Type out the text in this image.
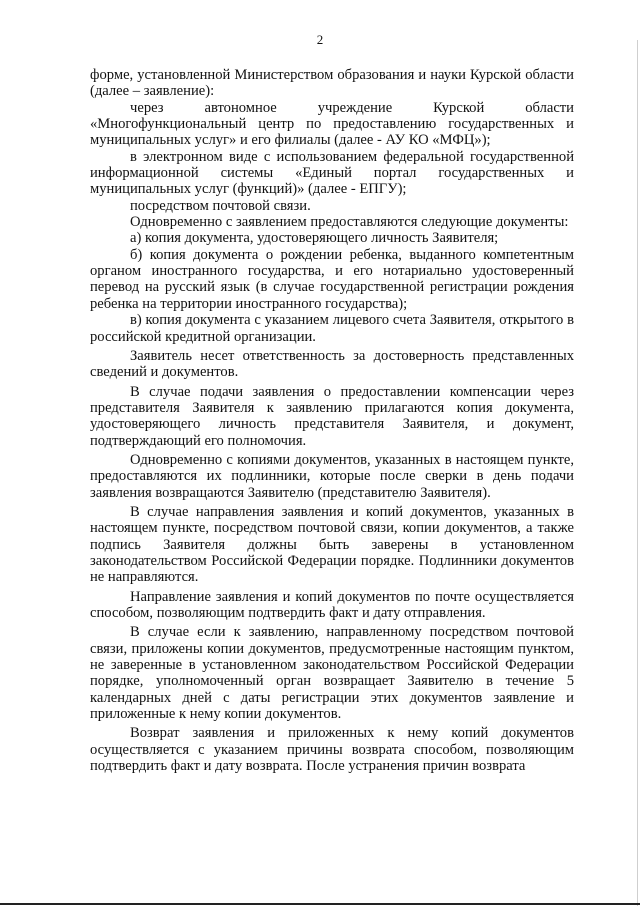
2

форме, установленной Министерством образования и науки Курской области (далее – заявление):

через автономное учреждение Курской области «Многофункциональный центр по предоставлению государственных и муниципальных услуг» и его филиалы (далее - АУ КО «МФЦ»);

в электронном виде с использованием федеральной государственной информационной системы «Единый портал государственных и муниципальных услуг (функций)» (далее - ЕПГУ);

посредством почтовой связи.

Одновременно с заявлением предоставляются следующие документы:

а) копия документа, удостоверяющего личность Заявителя;

б) копия документа о рождении ребенка, выданного компетентным органом иностранного государства, и его нотариально удостоверенный перевод на русский язык (в случае государственной регистрации рождения ребенка на территории иностранного государства);

в) копия документа с указанием лицевого счета Заявителя, открытого в российской кредитной организации.

Заявитель несет ответственность за достоверность представленных сведений и документов.

В случае подачи заявления о предоставлении компенсации через представителя Заявителя к заявлению прилагаются копия документа, удостоверяющего личность представителя Заявителя, и документ, подтверждающий его полномочия.

Одновременно с копиями документов, указанных в настоящем пункте, предоставляются их подлинники, которые после сверки в день подачи заявления возвращаются Заявителю (представителю Заявителя).

В случае направления заявления и копий документов, указанных в настоящем пункте, посредством почтовой связи, копии документов, а также подпись Заявителя должны быть заверены в установленном законодательством Российской Федерации порядке. Подлинники документов не направляются.

Направление заявления и копий документов по почте осуществляется способом, позволяющим подтвердить факт и дату отправления.

В случае если к заявлению, направленному посредством почтовой связи, приложены копии документов, предусмотренные настоящим пунктом, не заверенные в установленном законодательством Российской Федерации порядке, уполномоченный орган возвращает Заявителю в течение 5 календарных дней с даты регистрации этих документов заявление и приложенные к нему копии документов.

Возврат заявления и приложенных к нему копий документов осуществляется с указанием причины возврата способом, позволяющим подтвердить факт и дату возврата. После устранения причин возврата
